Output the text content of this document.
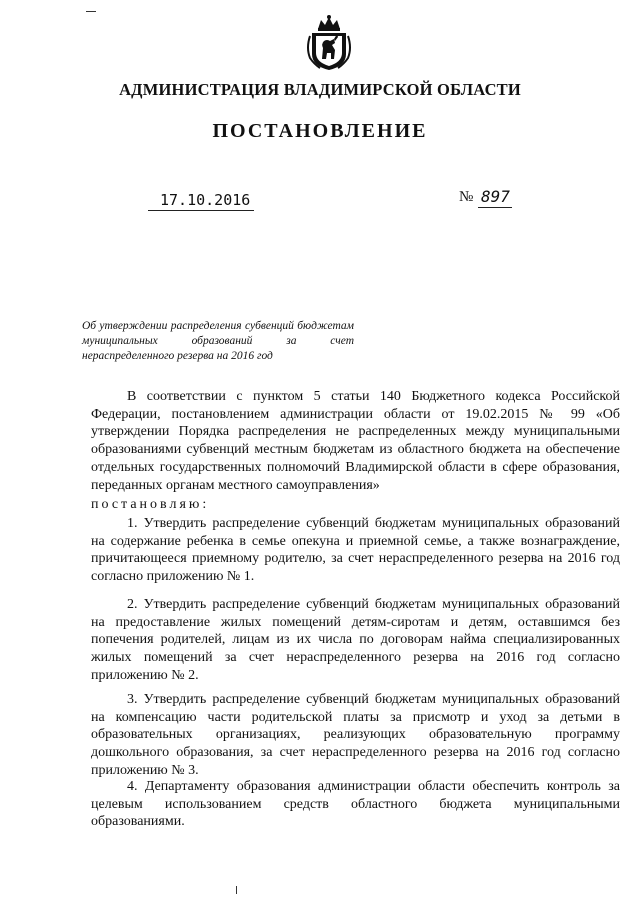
АДМИНИСТРАЦИЯ ВЛАДИМИРСКОЙ ОБЛАСТИ
ПОСТАНОВЛЕНИЕ
17.10.2016	№ 897
Об утверждении распределения субвенций бюджетам муниципальных образований за счет нераспределенного резерва на 2016 год
В соответствии с пунктом 5 статьи 140 Бюджетного кодекса Российской Федерации, постановлением администрации области от 19.02.2015 № 99 «Об утверждении Порядка распределения не распределенных между муниципальными образованиями субвенций местным бюджетам из областного бюджета на обеспечение отдельных государственных полномочий Владимирской области в сфере образования, переданных органам местного самоуправления»
постановляю:
1. Утвердить распределение субвенций бюджетам муниципальных образований на содержание ребенка в семье опекуна и приемной семье, а также вознаграждение, причитающееся приемному родителю, за счет нераспределенного резерва на 2016 год согласно приложению № 1.
2. Утвердить распределение субвенций бюджетам муниципальных образований на предоставление жилых помещений детям-сиротам и детям, оставшимся без попечения родителей, лицам из их числа по договорам найма специализированных жилых помещений за счет нераспределенного резерва на 2016 год согласно приложению № 2.
3. Утвердить распределение субвенций бюджетам муниципальных образований на компенсацию части родительской платы за присмотр и уход за детьми в образовательных организациях, реализующих образовательную программу дошкольного образования, за счет нераспределенного резерва на 2016 год согласно приложению № 3.
4. Департаменту образования администрации области обеспечить контроль за целевым использованием средств областного бюджета муниципальными образованиями.
